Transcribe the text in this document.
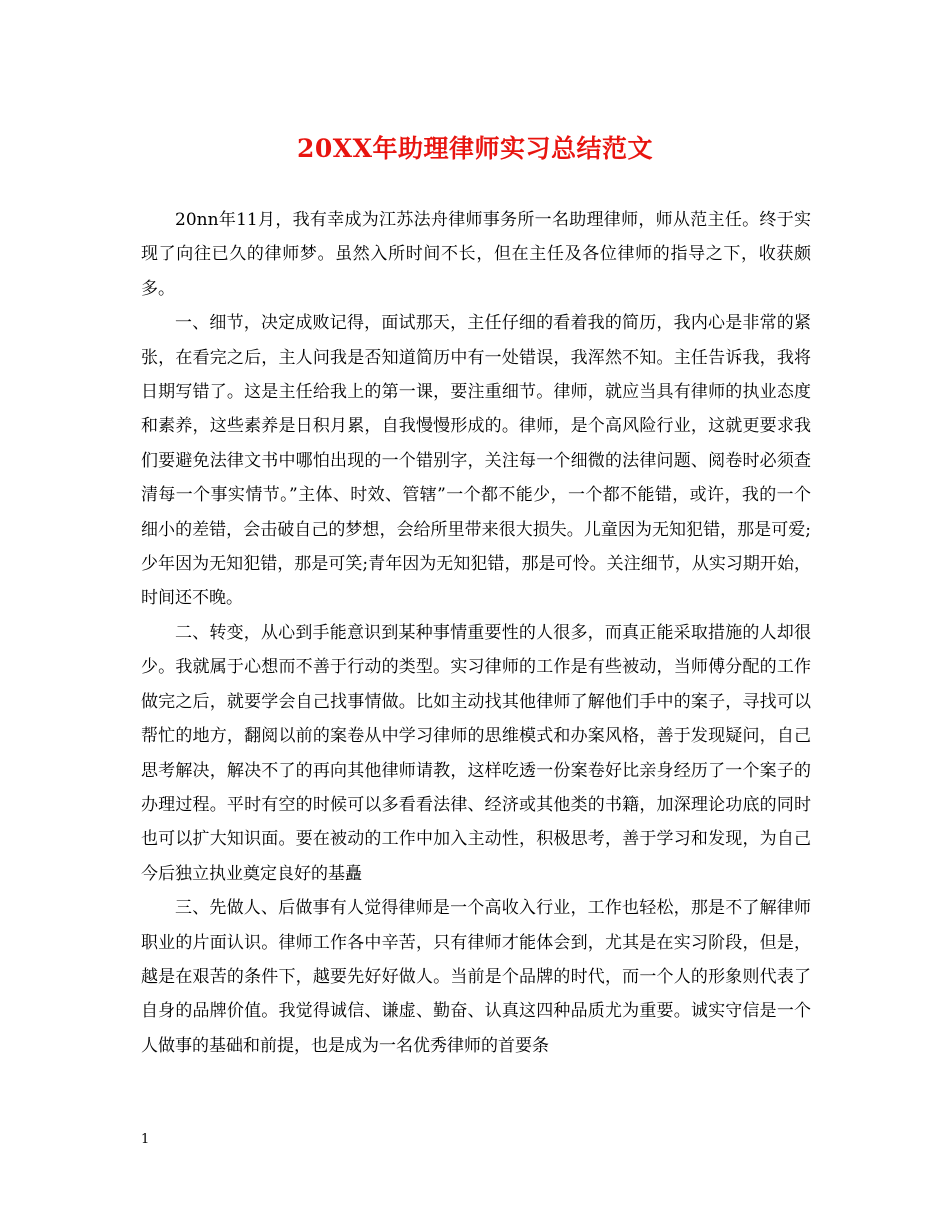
20XX年助理律师实习总结范文

20nn年11月，我有幸成为江苏法舟律师事务所一名助理律师，师从范主任。终于实现了向往已久的律师梦。虽然入所时间不长，但在主任及各位律师的指导之下，收获颇多。

一、细节，决定成败记得，面试那天，主任仔细的看着我的简历，我内心是非常的紧张，在看完之后，主人问我是否知道简历中有一处错误，我浑然不知。主任告诉我，我将日期写错了。这是主任给我上的第一课，要注重细节。律师，就应当具有律师的执业态度和素养，这些素养是日积月累，自我慢慢形成的。律师，是个高风险行业，这就更要求我们要避免法律文书中哪怕出现的一个错别字，关注每一个细微的法律问题、阅卷时必须查清每一个事实情节。”主体、时效、管辖”一个都不能少，一个都不能错，或许，我的一个细小的差错，会击破自己的梦想，会给所里带来很大损失。儿童因为无知犯错，那是可爱;少年因为无知犯错，那是可笑;青年因为无知犯错，那是可怜。关注细节，从实习期开始，时间还不晚。

二、转变，从心到手能意识到某种事情重要性的人很多，而真正能采取措施的人却很少。我就属于心想而不善于行动的类型。实习律师的工作是有些被动，当师傅分配的工作做完之后，就要学会自己找事情做。比如主动找其他律师了解他们手中的案子，寻找可以帮忙的地方，翻阅以前的案卷从中学习律师的思维模式和办案风格，善于发现疑问，自己思考解决，解决不了的再向其他律师请教，这样吃透一份案卷好比亲身经历了一个案子的办理过程。平时有空的时候可以多看看法律、经济或其他类的书籍，加深理论功底的同时也可以扩大知识面。要在被动的工作中加入主动性，积极思考，善于学习和发现，为自己今后独立执业奠定良好的基矗

三、先做人、后做事有人觉得律师是一个高收入行业，工作也轻松，那是不了解律师职业的片面认识。律师工作各中辛苦，只有律师才能体会到，尤其是在实习阶段，但是，越是在艰苦的条件下，越要先好好做人。当前是个品牌的时代，而一个人的形象则代表了自身的品牌价值。我觉得诚信、谦虚、勤奋、认真这四种品质尤为重要。诚实守信是一个人做事的基础和前提，也是成为一名优秀律师的首要条

1
